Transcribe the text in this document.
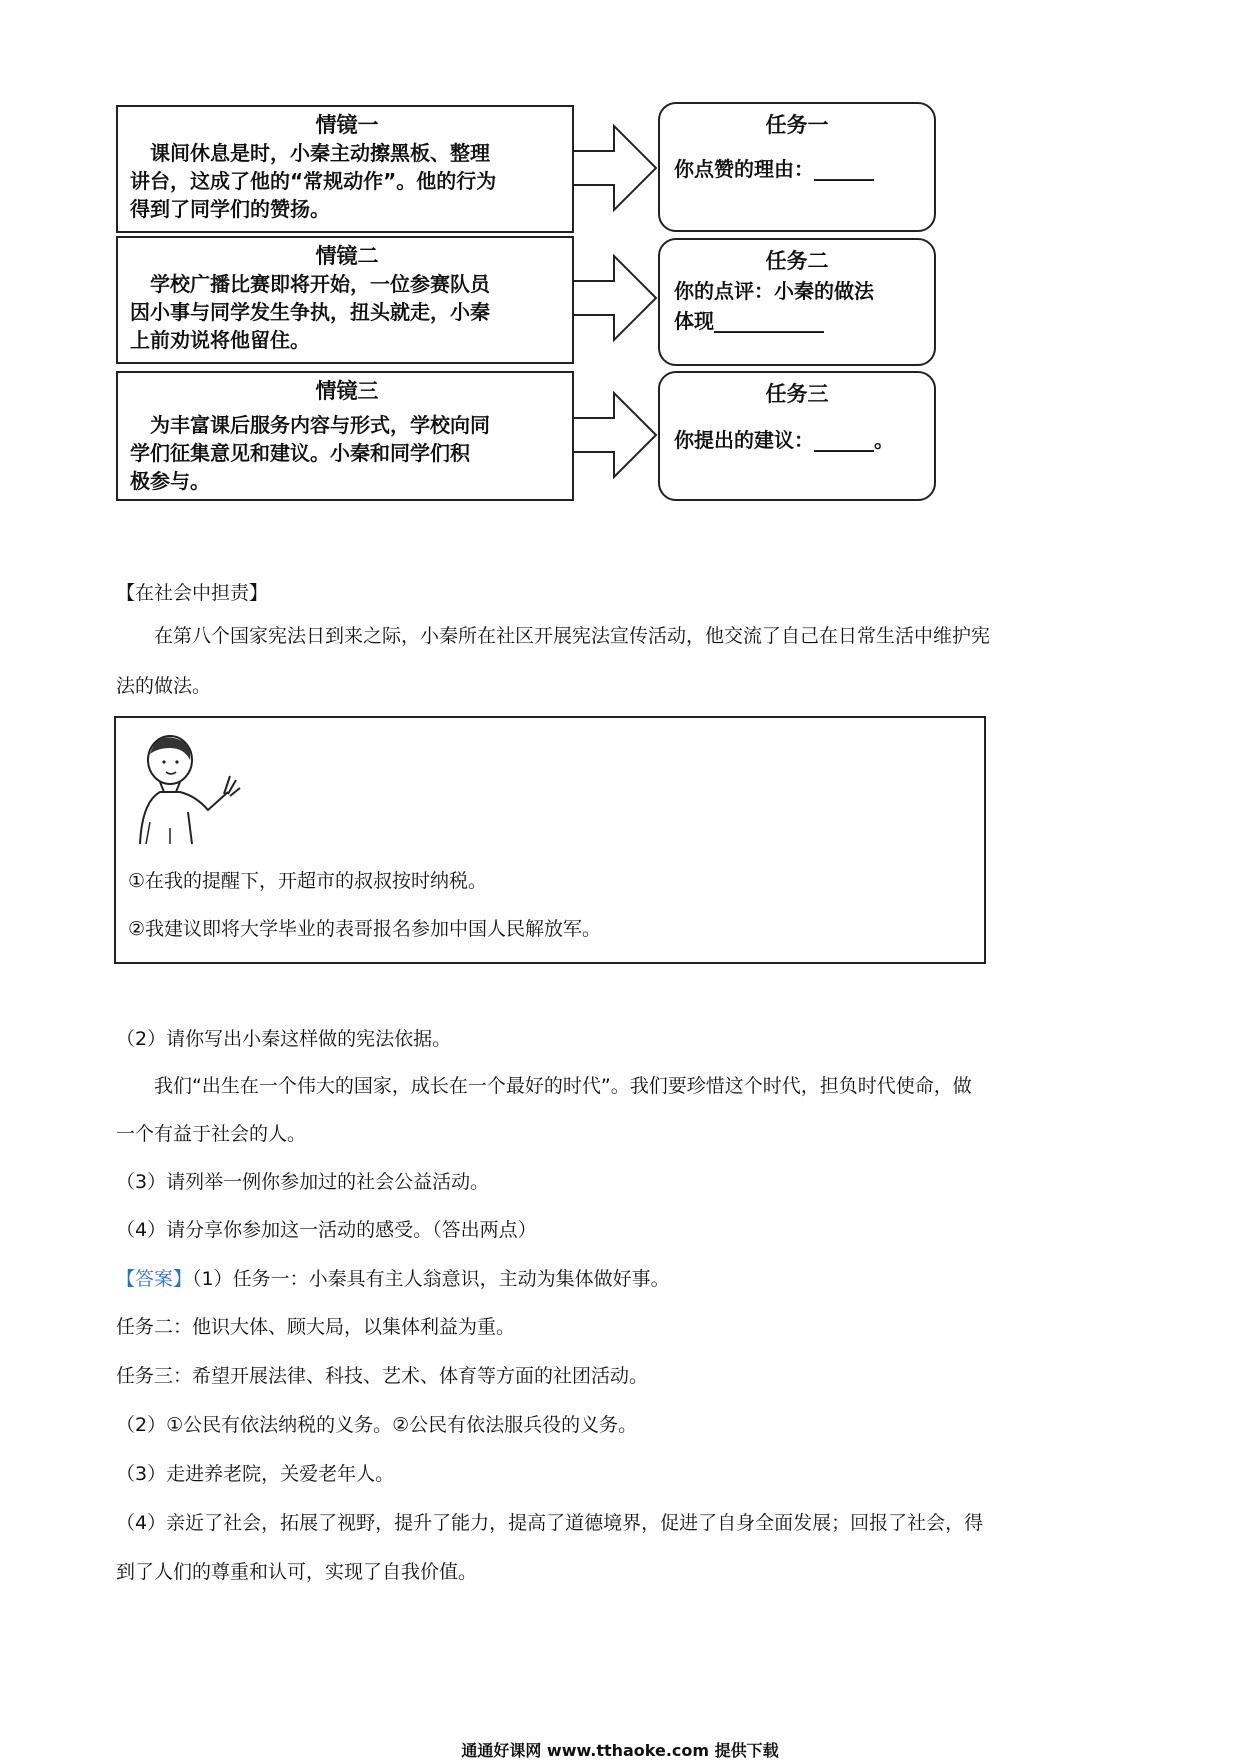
情镜一
课间休息是时，小秦主动擦黑板、整理
讲台，这成了他的“常规动作”。他的行为
得到了同学们的赞扬。
情镜二
学校广播比赛即将开始，一位参赛队员
因小事与同学发生争执，扭头就走，小秦
上前劝说将他留住。
情镜三
为丰富课后服务内容与形式，学校向同
学们征集意见和建议。小秦和同学们积
极参与。
任务一
你点赞的理由：______
任务二
你的点评：小秦的做法
体现___________
任务三
你提出的建议：______。
【在社会中担责】
在第八个国家宪法日到来之际，小秦所在社区开展宪法宣传活动，他交流了自己在日常生活中维护宪
法的做法。
①在我的提醒下，开超市的叔叔按时纳税。
②我建议即将大学毕业的表哥报名参加中国人民解放军。
（2）请你写出小秦这样做的宪法依据。
我们“出生在一个伟大的国家，成长在一个最好的时代”。我们要珍惜这个时代，担负时代使命，做
一个有益于社会的人。
（3）请列举一例你参加过的社会公益活动。
（4）请分享你参加这一活动的感受。（答出两点）
【答案】（1）任务一：小秦具有主人翁意识，主动为集体做好事。
任务二：他识大体、顾大局，以集体利益为重。
任务三：希望开展法律、科技、艺术、体育等方面的社团活动。
（2）①公民有依法纳税的义务。②公民有依法服兵役的义务。
（3）走进养老院，关爱老年人。
（4）亲近了社会，拓展了视野，提升了能力，提高了道德境界，促进了自身全面发展；回报了社会，得
到了人们的尊重和认可，实现了自我价值。
通通好课网 www.tthaoke.com 提供下载
